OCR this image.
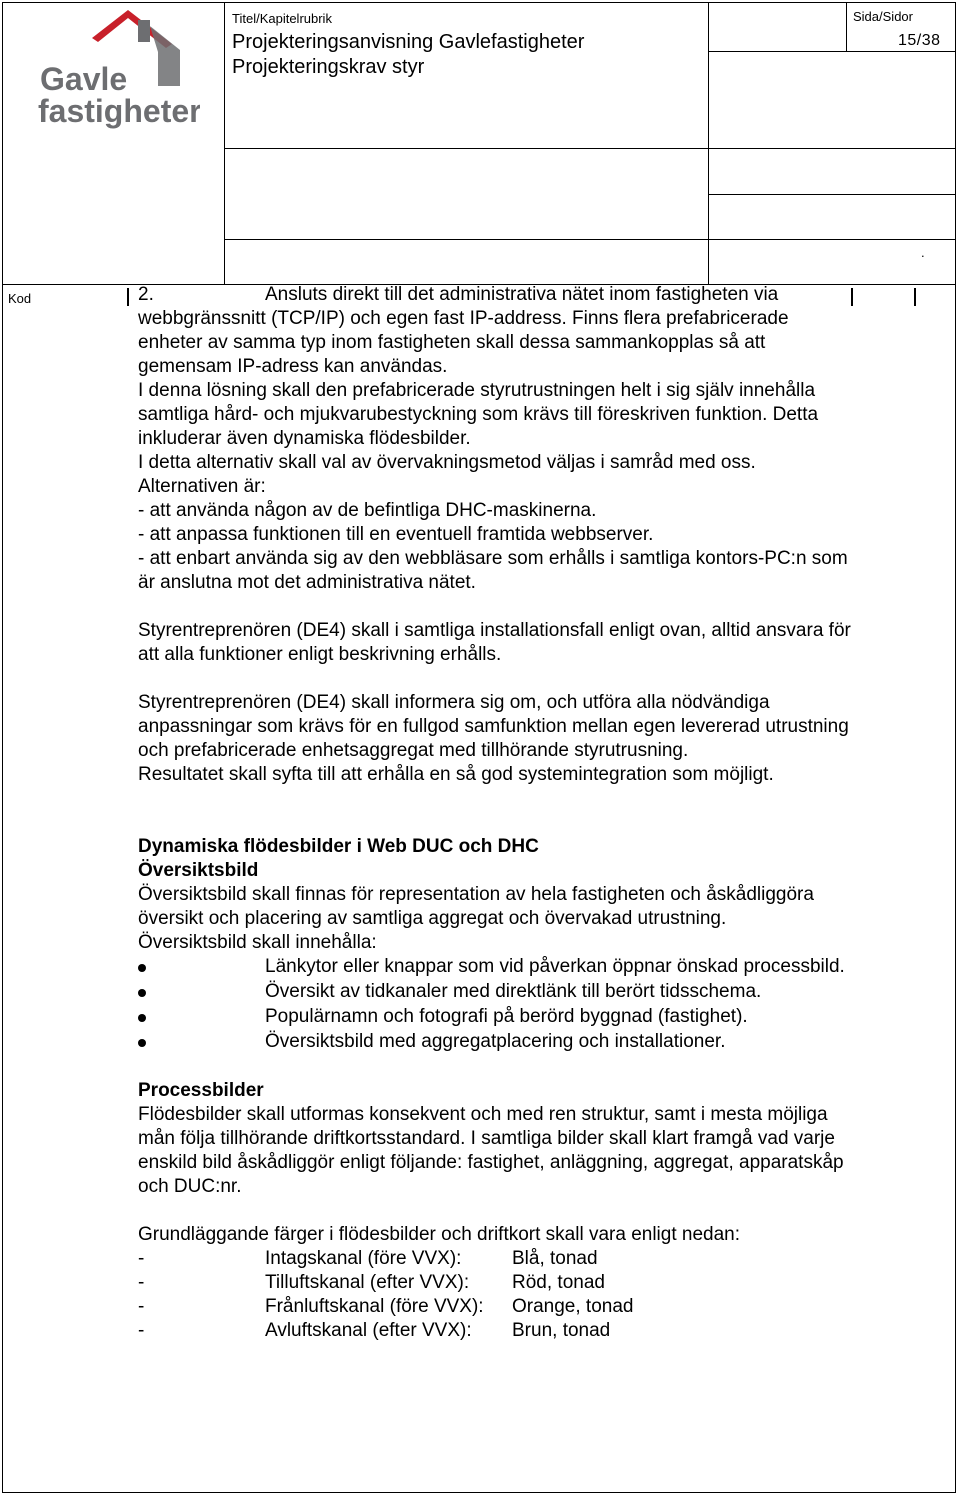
Gavle
fastigheter
Titel/Kapitelrubrik
Projekteringsanvisning Gavlefastigheter
Projekteringskrav styr
Sida/Sidor
15/38
.
Kod	2.	Ansluts direkt till det administrativa nätet inom fastigheten via

webbgränssnitt (TCP/IP) och egen fast IP-address. Finns flera prefabricerade enheter av samma typ inom fastigheten skall dessa sammankopplas så att gemensam IP-adress kan användas.

I denna lösning skall den prefabricerade styrutrustningen helt i sig själv innehålla samtliga hård- och mjukvarubestyckning som krävs till föreskriven funktion. Detta inkluderar även dynamiska flödesbilder.

I detta alternativ skall val av övervakningsmetod väljas i samråd med oss.

Alternativen är:

- att använda någon av de befintliga DHC-maskinerna.

- att anpassa funktionen till en eventuell framtida webbserver.

- att enbart använda sig av den webbläsare som erhålls i samtliga kontors-PC:n som är anslutna mot det administrativa nätet.

Styrentreprenören (DE4) skall i samtliga installationsfall enligt ovan, alltid ansvara för att alla funktioner enligt beskrivning erhålls.

Styrentreprenören (DE4) skall informera sig om, och utföra alla nödvändiga anpassningar som krävs för en fullgod samfunktion mellan egen levererad utrustning och prefabricerade enhetsaggregat med tillhörande styrutrusning.

Resultatet skall syfta till att erhålla en så god systemintegration som möjligt.

Dynamiska flödesbilder i Web DUC och DHC

Översiktsbild

Översiktsbild skall finnas för representation av hela fastigheten och åskådliggöra översikt och placering av samtliga aggregat och övervakad utrustning.

Översiktsbild skall innehålla:

Länkytor eller knappar som vid påverkan öppnar önskad processbild.
Översikt av tidkanaler med direktlänk till berört tidsschema.
Populärnamn och fotografi på berörd byggnad (fastighet).
Översiktsbild med aggregatplacering och installationer.

Processbilder

Flödesbilder skall utformas konsekvent och med ren struktur, samt i mesta möjliga mån följa tillhörande driftkortsstandard. I samtliga bilder skall klart framgå vad varje enskild bild åskådliggör enligt följande: fastighet, anläggning, aggregat, apparatskåp och DUC:nr.

Grundläggande färger i flödesbilder och driftkort skall vara enligt nedan:

-	Intagskanal (före VVX):	Blå, tonad
-	Tilluftskanal (efter VVX):	Röd, tonad
-	Frånluftskanal (före VVX):	Orange, tonad
-	Avluftskanal (efter VVX):	Brun, tonad
